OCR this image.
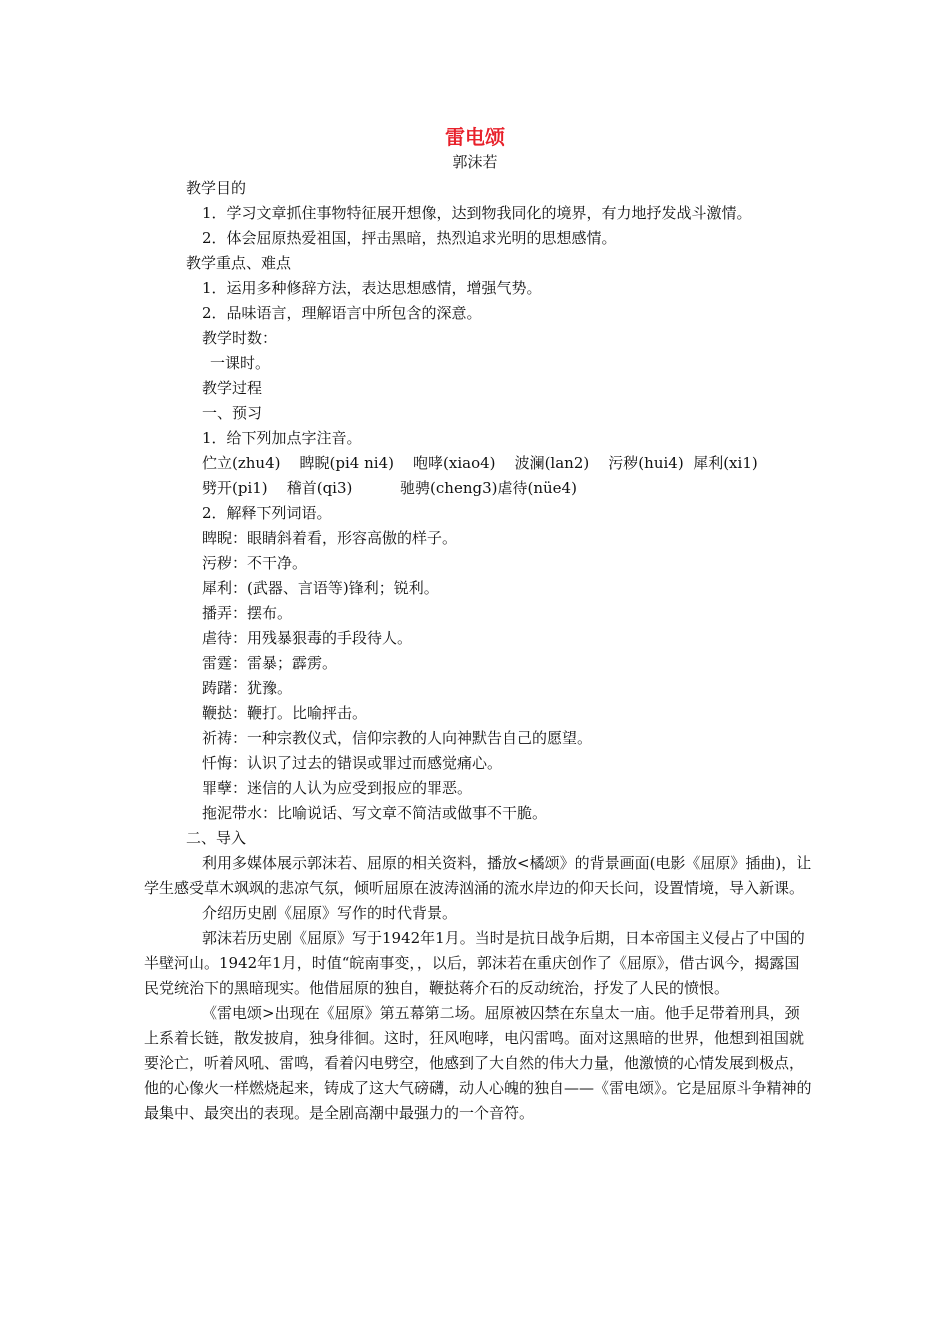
雷电颂
郭沫若

教学目的

1．学习文章抓住事物特征展开想像，达到物我同化的境界，有力地抒发战斗激情。

2．体会屈原热爱祖国，抨击黑暗，热烈追求光明的思想感情。

教学重点、难点

1．运用多种修辞方法，表达思想感情，增强气势。

2．品味语言，理解语言中所包含的深意。

教学时数：

一课时。

教学过程

一、预习

1．给下列加点字注音。

伫立(zhu4)    睥睨(pi4 ni4)    咆哮(xiao4)    波澜(lan2)    污秽(hui4)  犀利(xi1)

劈开(pi1)    稽首(qi3)          驰骋(cheng3)虐待(nüe4)

2．解释下列词语。

睥睨：眼睛斜着看，形容高傲的样子。

污秽：不干净。

犀利：(武器、言语等)锋利；锐利。

播弄：摆布。

虐待：用残暴狠毒的手段待人。

雷霆：雷暴；霹雳。

踌躇：犹豫。

鞭挞：鞭打。比喻抨击。

祈祷：一种宗教仪式，信仰宗教的人向神默告自己的愿望。

忏悔：认识了过去的错误或罪过而感觉痛心。

罪孽：迷信的人认为应受到报应的罪恶。

拖泥带水：比喻说话、写文章不简洁或做事不干脆。

二、导入

利用多媒体展示郭沫若、屈原的相关资料，播放<橘颂》的背景画面(电影《屈原》插曲)，让学生感受草木飒飒的悲凉气氛，倾听屈原在波涛汹涌的流水岸边的仰天长问，设置情境，导入新课。

介绍历史剧《屈原》写作的时代背景。

郭沫若历史剧《屈原》写于1942年1月。当时是抗日战争后期，日本帝国主义侵占了中国的半壁河山。1942年1月，时值“皖南事变，，以后，郭沫若在重庆创作了《屈原》，借古讽今，揭露国民党统治下的黑暗现实。他借屈原的独自，鞭挞蒋介石的反动统治，抒发了人民的愤恨。

《雷电颂>出现在《屈原》第五幕第二场。屈原被囚禁在东皇太一庙。他手足带着刑具，颈上系着长链，散发披肩，独身徘徊。这时，狂风咆哮，电闪雷鸣。面对这黑暗的世界，他想到祖国就要沦亡，听着风吼、雷鸣，看着闪电劈空，他感到了大自然的伟大力量，他激愤的心情发展到极点，他的心像火一样燃烧起来，铸成了这大气磅礴，动人心魄的独自——《雷电颂》。它是屈原斗争精神的最集中、最突出的表现。是全剧高潮中最强力的一个音符。
